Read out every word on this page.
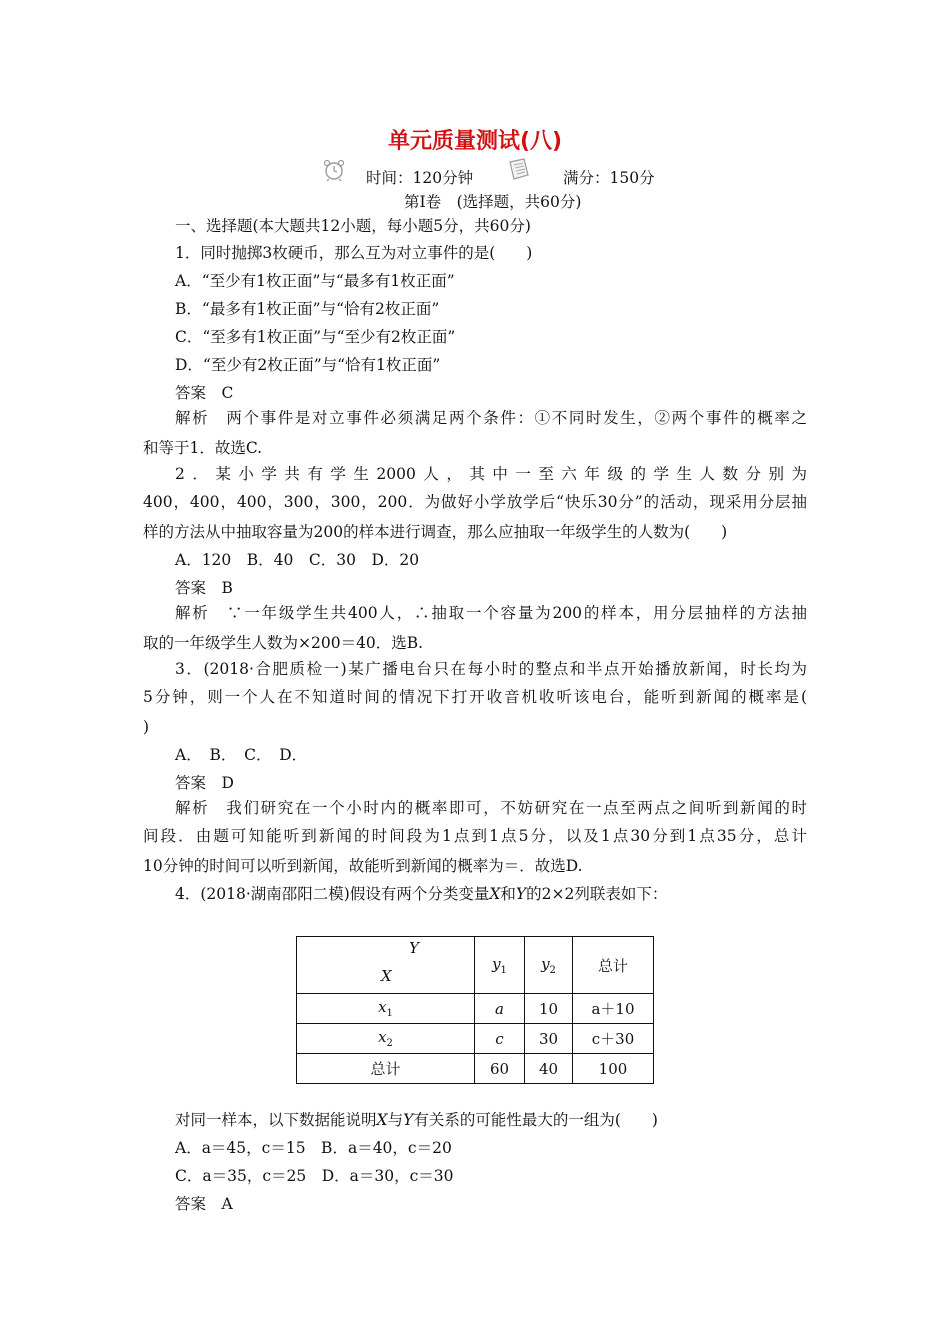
单元质量测试(八)
时间：120分钟	满分：150分
第Ⅰ卷　(选择题，共60分)
一、选择题(本大题共12小题，每小题5分，共60分)
1．同时抛掷3枚硬币，那么互为对立事件的是(　　)
A．“至少有1枚正面”与“最多有1枚正面”
B．“最多有1枚正面”与“恰有2枚正面”
C．“至多有1枚正面”与“至少有2枚正面”
D．“至少有2枚正面”与“恰有1枚正面”
答案　C
解析　两个事件是对立事件必须满足两个条件：①不同时发生，②两个事件的概率之
和等于1．故选C.
2．某小学共有学生2000人，其中一至六年级的学生人数分别为
400，400，400，300，300，200．为做好小学放学后“快乐30分”的活动，现采用分层抽
样的方法从中抽取容量为200的样本进行调查，那么应抽取一年级学生的人数为(　　)
A．120　B．40　C．30　D．20
答案　B
解析　∵一年级学生共400人，∴抽取一个容量为200的样本，用分层抽样的方法抽
取的一年级学生人数为×200＝40．选B.
3．(2018·合肥质检一)某广播电台只在每小时的整点和半点开始播放新闻，时长均为
5分钟，则一个人在不知道时间的情况下打开收音机收听该电台，能听到新闻的概率是(
)
A．　B．　C．　D．
答案　D
解析　我们研究在一个小时内的概率即可，不妨研究在一点至两点之间听到新闻的时
间段．由题可知能听到新闻的时间段为1点到1点5分，以及1点30分到1点35分，总计
10分钟的时间可以听到新闻，故能听到新闻的概率为＝．故选D.
4．(2018·湖南邵阳二模)假设有两个分类变量X和Y的2×2列联表如下：
Y
X	$y_1$	$y_2$	总计
$x_1$	a	10	a＋10
$x_2$	c	30	c＋30
总计	60	40	100
对同一样本，以下数据能说明X与Y有关系的可能性最大的一组为(　　)
A．a＝45，c＝15　B．a＝40，c＝20
C．a＝35，c＝25　D．a＝30，c＝30
答案　A
